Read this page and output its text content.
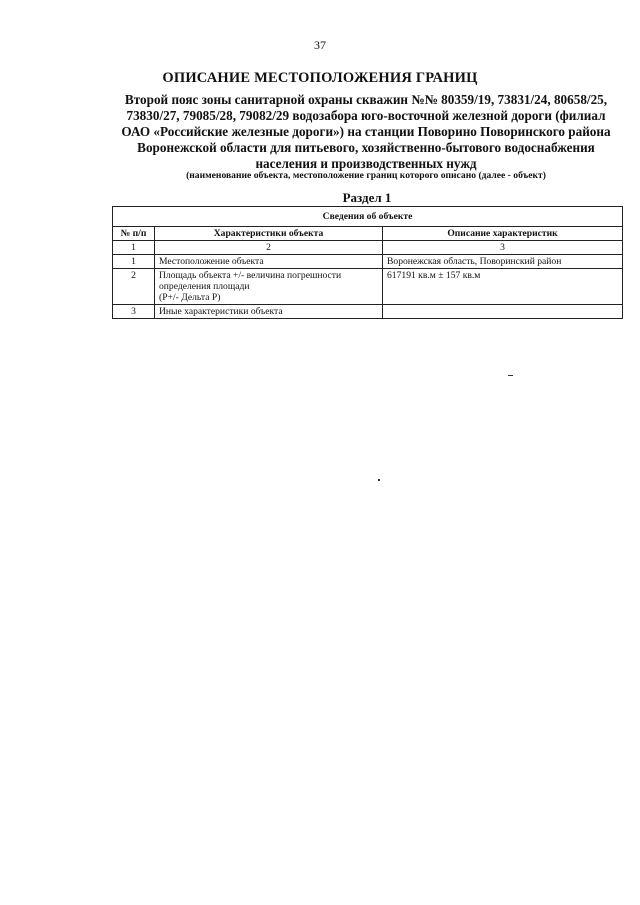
37
ОПИСАНИЕ МЕСТОПОЛОЖЕНИЯ ГРАНИЦ
Второй пояс зоны санитарной охраны скважин №№ 80359/19, 73831/24, 80658/25,
73830/27, 79085/28, 79082/29 водозабора юго-восточной железной дороги (филиал
ОАО «Российские железные дороги») на станции Поворино Поворинского района
Воронежской области для питьевого, хозяйственно-бытового водоснабжения
населения и производственных нужд
(наименование объекта, местоположение границ которого описано (далее - объект)
Раздел 1
Сведения об объекте		
№ п/п	Характеристики объекта	Описание характеристик
1	2	3
1	Местоположение объекта	Воронежская область, Поворинский район
2	Площадь объекта +/- величина погрешности
определения площади
(Р+/- Дельта Р)	617191 кв.м ± 157 кв.м
3	Иные характеристики объекта	
